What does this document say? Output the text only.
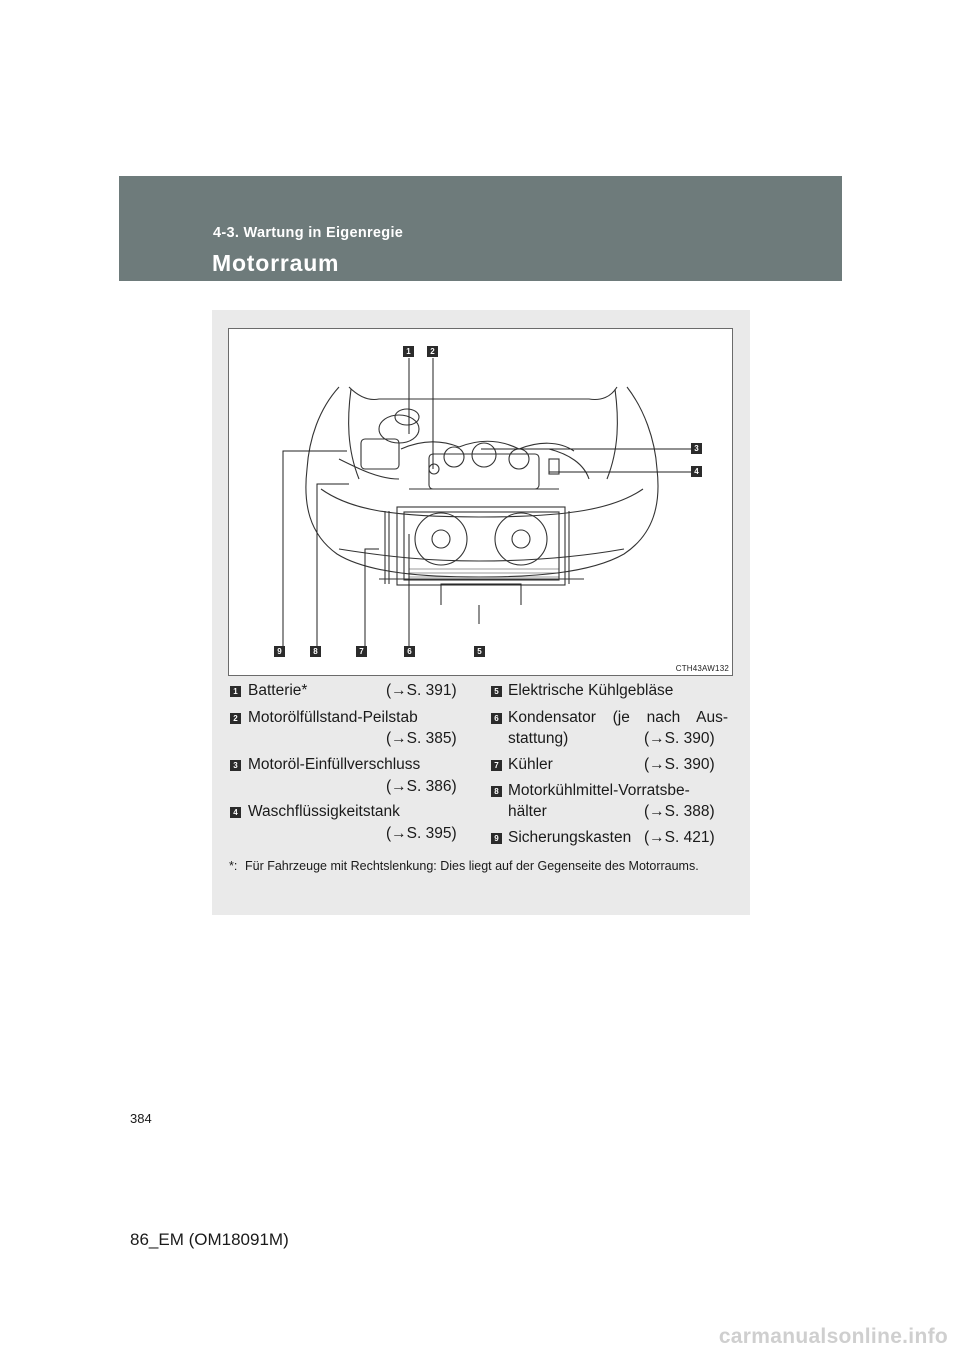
4-3. Wartung in Eigenregie
Motorraum
1	2
3
4
5
6
7
8
9
CTH43AW132
1 Batterie*	(→S. 391)
2 Motorölfüllstand-Peilstab
(→S. 385)
3 Motoröl-Einfüllverschluss
(→S. 386)
4 Waschflüssigkeitstank
(→S. 395)
5 Elektrische Kühlgebläse
6 Kondensator (je nach Aus-
stattung)	(→S. 390)
7 Kühler	(→S. 390)
8 Motorkühlmittel-Vorratsbe-
hälter	(→S. 388)
9 Sicherungskasten (→S. 421)
*: Für Fahrzeuge mit Rechtslenkung: Dies liegt auf der Gegenseite des Motorraums.
384
86_EM (OM18091M)
carmanualsonline.info
